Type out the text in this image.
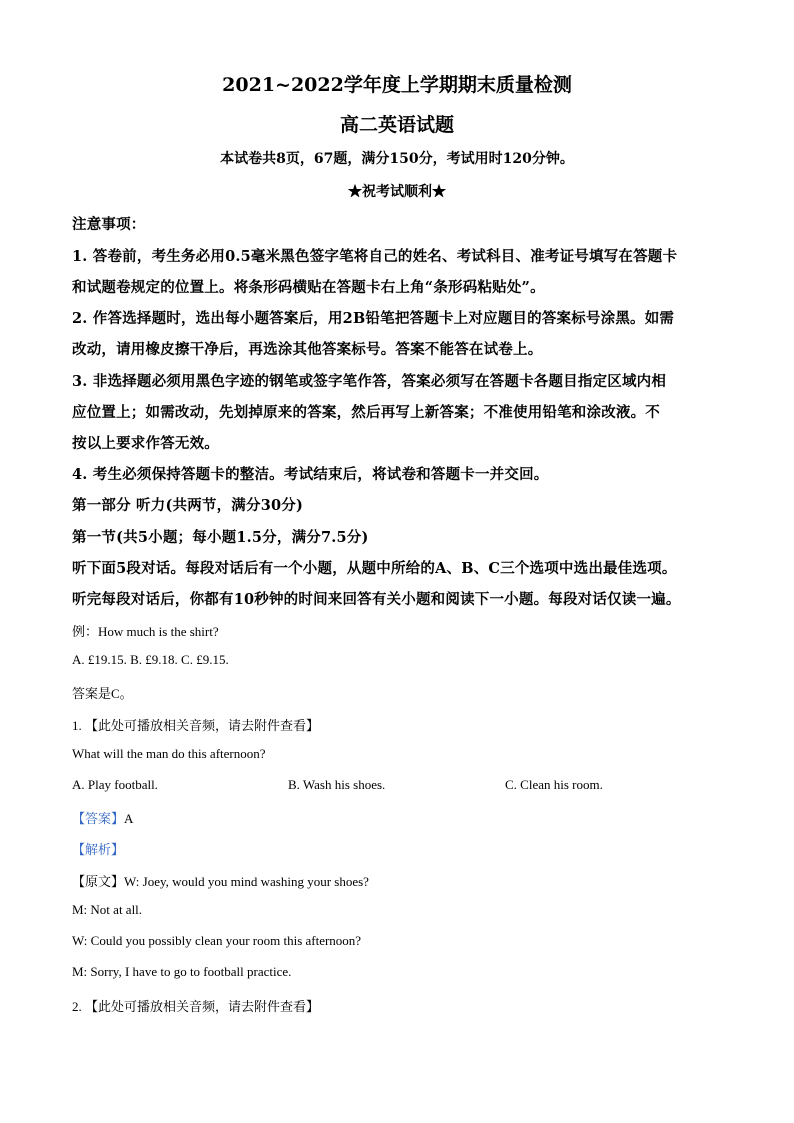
2021~2022学年度上学期期末质量检测
高二英语试题
本试卷共8页，67题，满分150分，考试用时120分钟。
★祝考试顺利★
注意事项：
1. 答卷前，考生务必用0.5毫米黑色签字笔将自己的姓名、考试科目、准考证号填写在答题卡
和试题卷规定的位置上。将条形码横贴在答题卡右上角“条形码粘贴处”。
2. 作答选择题时，选出每小题答案后，用2B铅笔把答题卡上对应题目的答案标号涂黑。如需
改动，请用橡皮擦干净后，再选涂其他答案标号。答案不能答在试卷上。
3. 非选择题必须用黑色字迹的钢笔或签字笔作答，答案必须写在答题卡各题目指定区域内相
应位置上；如需改动，先划掉原来的答案，然后再写上新答案；不准使用铅笔和涂改液。不
按以上要求作答无效。
4. 考生必须保持答题卡的整洁。考试结束后，将试卷和答题卡一并交回。
第一部分 听力(共两节，满分30分)
第一节(共5小题；每小题1.5分，满分7.5分)
听下面5段对话。每段对话后有一个小题，从题中所给的A、B、C三个选项中选出最佳选项。
听完每段对话后，你都有10秒钟的时间来回答有关小题和阅读下一小题。每段对话仅读一遍。
例：How much is the shirt?
A. £19.15. B. £9.18. C. £9.15.
答案是C。
1. 【此处可播放相关音频，请去附件查看】
What will the man do this afternoon?
A. Play football.	B. Wash his shoes.	C. Clean his room.
【答案】A
【解析】
【原文】W: Joey, would you mind washing your shoes?
M: Not at all.
W: Could you possibly clean your room this afternoon?
M: Sorry, I have to go to football practice.
2. 【此处可播放相关音频，请去附件查看】
